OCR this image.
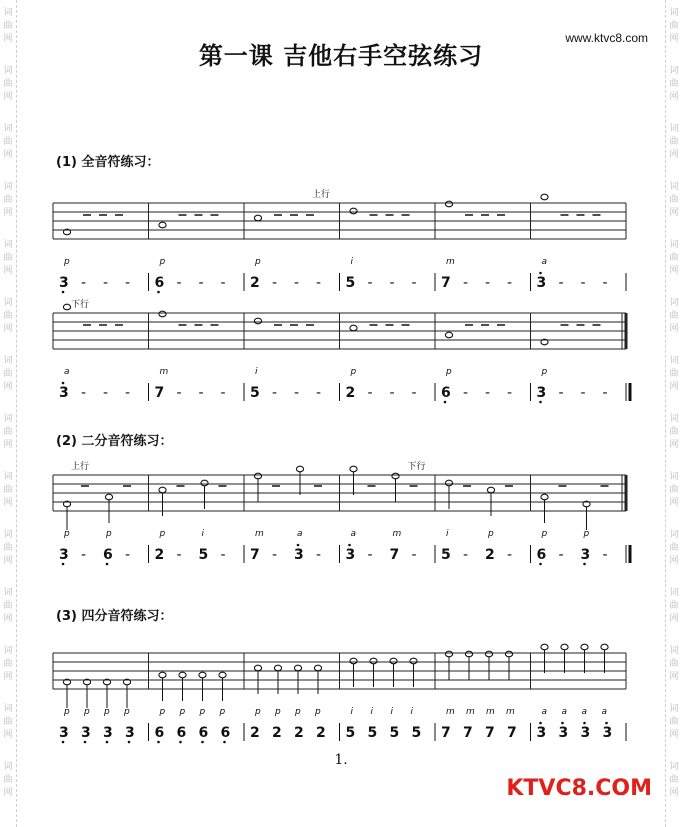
词
曲
网
词
曲
网
词
曲
网
词
曲
网
词
曲
网
词
曲
网
词
曲
网
词
曲
网
词
曲
网
词
曲
网
词
曲
网
词
曲
网
词
曲
网
词
曲
网
词
曲
网
词
曲
网
词
曲
网
词
曲
网
词
曲
网
词
曲
网
词
曲
网
词
曲
网
词
曲
网
词
曲
网
词
曲
网
词
曲
网
词
曲
网
词
曲
网
第一课 吉他右手空弦练习

www.ktvc8.com

(1) 全音符练习：
上行
p
3 - - -
p
6 - - -
p
2 - - -
i
5 - - -
m
7 - - -
a
3 - - -
下行
a
3 - - -
m
7 - - -
i
5 - - -
p
2 - - -
p
6 - - -
p
3 - - -
(2) 二分音符练习：
上行	下行
p	p
3 - 6 -
p	i
2 - 5 -
m	a
7 - 3 -
a	m
3 - 7 -
i	p
5 - 2 -
p	p
6 - 3 -
(3) 四分音符练习：
p p p p
3 3 3 3
p p p p
6 6 6 6
p p p p
2 2 2 2
i i i i
5 5 5 5
m m m m
7 7 7 7
a a a a
3 3 3 3

1.

KTVC8.COM
